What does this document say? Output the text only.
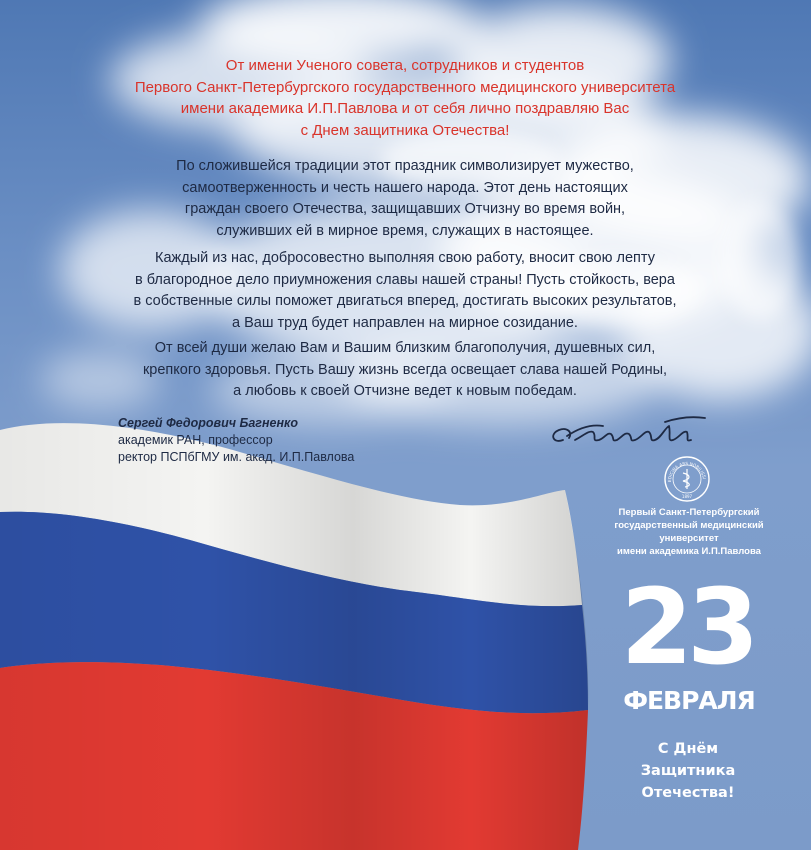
От имени Ученого совета, сотрудников и студентов
Первого Санкт-Петербургского государственного медицинского университета
имени академика И.П.Павлова и от себя лично поздравляю Вас
с Днем защитника Отечества!
По сложившейся традиции этот праздник символизирует мужество,
самоотверженность и честь нашего народа. Этот день настоящих
граждан своего Отечества, защищавших Отчизну во время войн,
служивших ей в мирное время, служащих в настоящее.
Каждый из нас, добросовестно выполняя свою работу, вносит свою лепту
в благородное дело приумножения славы нашей страны! Пусть стойкость, вера
в собственные силы поможет двигаться вперед, достигать высоких результатов,
а Ваш труд будет направлен на мирное созидание.
От всей души желаю Вам и Вашим близким благополучия, душевных сил,
крепкого здоровья. Пусть Вашу жизнь всегда освещает слава нашей Родины,
а любовь к своей Отчизне ведет к новым победам.
Сергей Федорович Багненко
академик РАН, профессор
ректор ПСПбГМУ им. акад. И.П.Павлова
EDICINA ARS NOBILISSI
1897
Первый Санкт-Петербургский
государственный медицинский университет
имени академика И.П.Павлова
23
ФЕВРАЛЯ
С Днём
Защитника
Отечества!
